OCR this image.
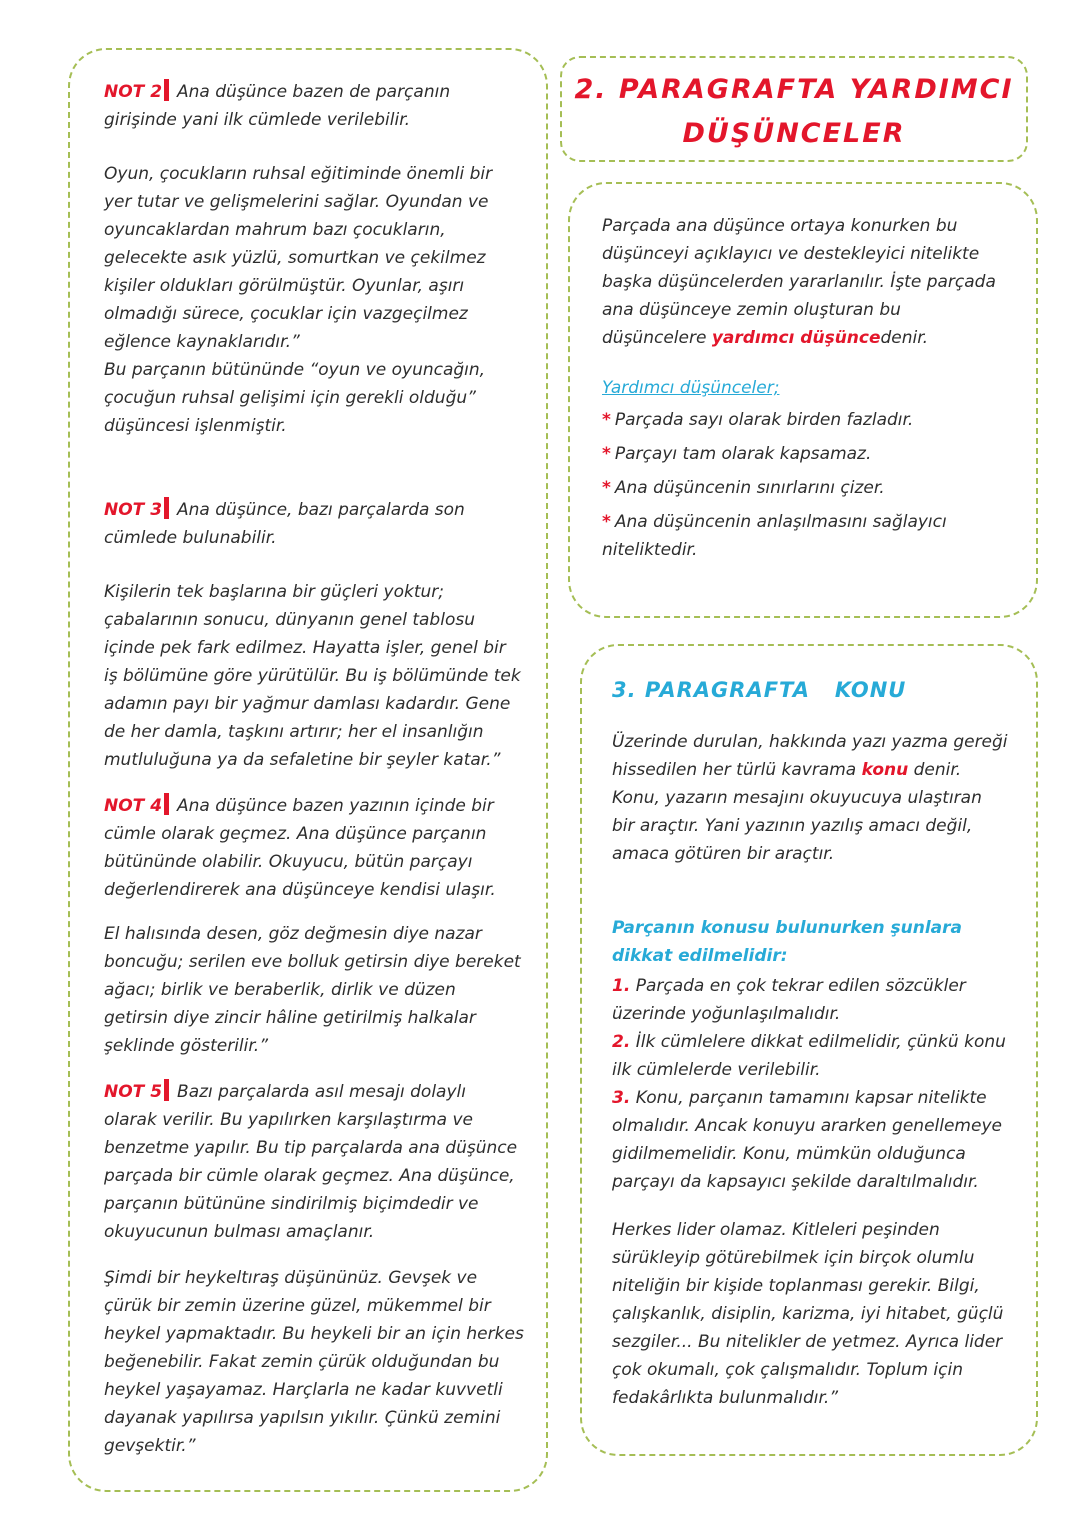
NOT 2 Ana düşünce bazen de parçanın girişinde yani ilk cümlede verilebilir.

Oyun, çocukların ruhsal eğitiminde önemli bir yer tutar ve gelişmelerini sağlar. Oyundan ve oyuncaklardan mahrum bazı çocukların, gelecekte asık yüzlü, somurtkan ve çekilmez kişiler oldukları görülmüştür. Oyunlar, aşırı olmadığı sürece, çocuklar için vazgeçilmez eğlence kaynaklarıdır.”

Bu parçanın bütününde “oyun ve oyuncağın, çocuğun ruhsal gelişimi için gerekli olduğu” düşüncesi işlenmiştir.

NOT 3 Ana düşünce, bazı parçalarda son cümlede bulunabilir.

Kişilerin tek başlarına bir güçleri yoktur; çabalarının sonucu, dünyanın genel tablosu içinde pek fark edilmez. Hayatta işler, genel bir iş bölümüne göre yürütülür. Bu iş bölümünde tek adamın payı bir yağmur damlası kadardır. Gene de her damla, taşkını artırır; her el insanlığın mutluluğuna ya da sefaletine bir şeyler katar.”

NOT 4 Ana düşünce bazen yazının içinde bir cümle olarak geçmez. Ana düşünce parçanın bütününde olabilir. Okuyucu, bütün parçayı değerlendirerek ana düşünceye kendisi ulaşır.

El halısında desen, göz değmesin diye nazar boncuğu; serilen eve bolluk getirsin diye bereket ağacı; birlik ve beraberlik, dirlik ve düzen getirsin diye zincir hâline getirilmiş halkalar şeklinde gösterilir.”

NOT 5 Bazı parçalarda asıl mesajı dolaylı olarak verilir. Bu yapılırken karşılaştırma ve benzetme yapılır. Bu tip parçalarda ana düşünce parçada bir cümle olarak geçmez. Ana düşünce, parçanın bütününe sindirilmiş biçimdedir ve okuyucunun bulması amaçlanır.

Şimdi bir heykeltıraş düşününüz. Gevşek ve çürük bir zemin üzerine güzel, mükemmel bir heykel yapmaktadır. Bu heykeli bir an için herkes beğenebilir. Fakat zemin çürük olduğundan bu heykel yaşayamaz. Harçlarla ne kadar kuvvetli dayanak yapılırsa yapılsın yıkılır. Çünkü zemini gevşektir.”

2. PARAGRAFTA YARDIMCI
DÜŞÜNCELER

Parçada ana düşünce ortaya konurken bu düşünceyi açıklayıcı ve destekleyici nitelikte başka düşüncelerden yararlanılır. İşte parçada ana düşünceye zemin oluşturan bu düşüncelere yardımcı düşüncedenir.

Yardımcı düşünceler;

* Parçada sayı olarak birden fazladır.

* Parçayı tam olarak kapsamaz.

* Ana düşüncenin sınırlarını çizer.

* Ana düşüncenin anlaşılmasını sağlayıcı niteliktedir.

3. PARAGRAFTA   KONU

Üzerinde durulan, hakkında yazı yazma gereği hissedilen her türlü kavrama konu denir. Konu, yazarın mesajını okuyucuya ulaştıran bir araçtır. Yani yazının yazılış amacı değil, amaca götüren bir araçtır.

Parçanın konusu bulunurken şunlara dikkat edilmelidir:

1. Parçada en çok tekrar edilen sözcükler üzerinde yoğunlaşılmalıdır.

2. İlk cümlelere dikkat edilmelidir, çünkü konu ilk cümlelerde verilebilir.

3. Konu, parçanın tamamını kapsar nitelikte olmalıdır. Ancak konuyu ararken genellemeye gidilmemelidir. Konu, mümkün olduğunca parçayı da kapsayıcı şekilde daraltılmalıdır.

Herkes lider olamaz. Kitleleri peşinden sürükleyip götürebilmek için birçok olumlu niteliğin bir kişide toplanması gerekir. Bilgi, çalışkanlık, disiplin, karizma, iyi hitabet, güçlü sezgiler... Bu nitelikler de yetmez. Ayrıca lider çok okumalı, çok çalışmalıdır. Toplum için fedakârlıkta bulunmalıdır.”
